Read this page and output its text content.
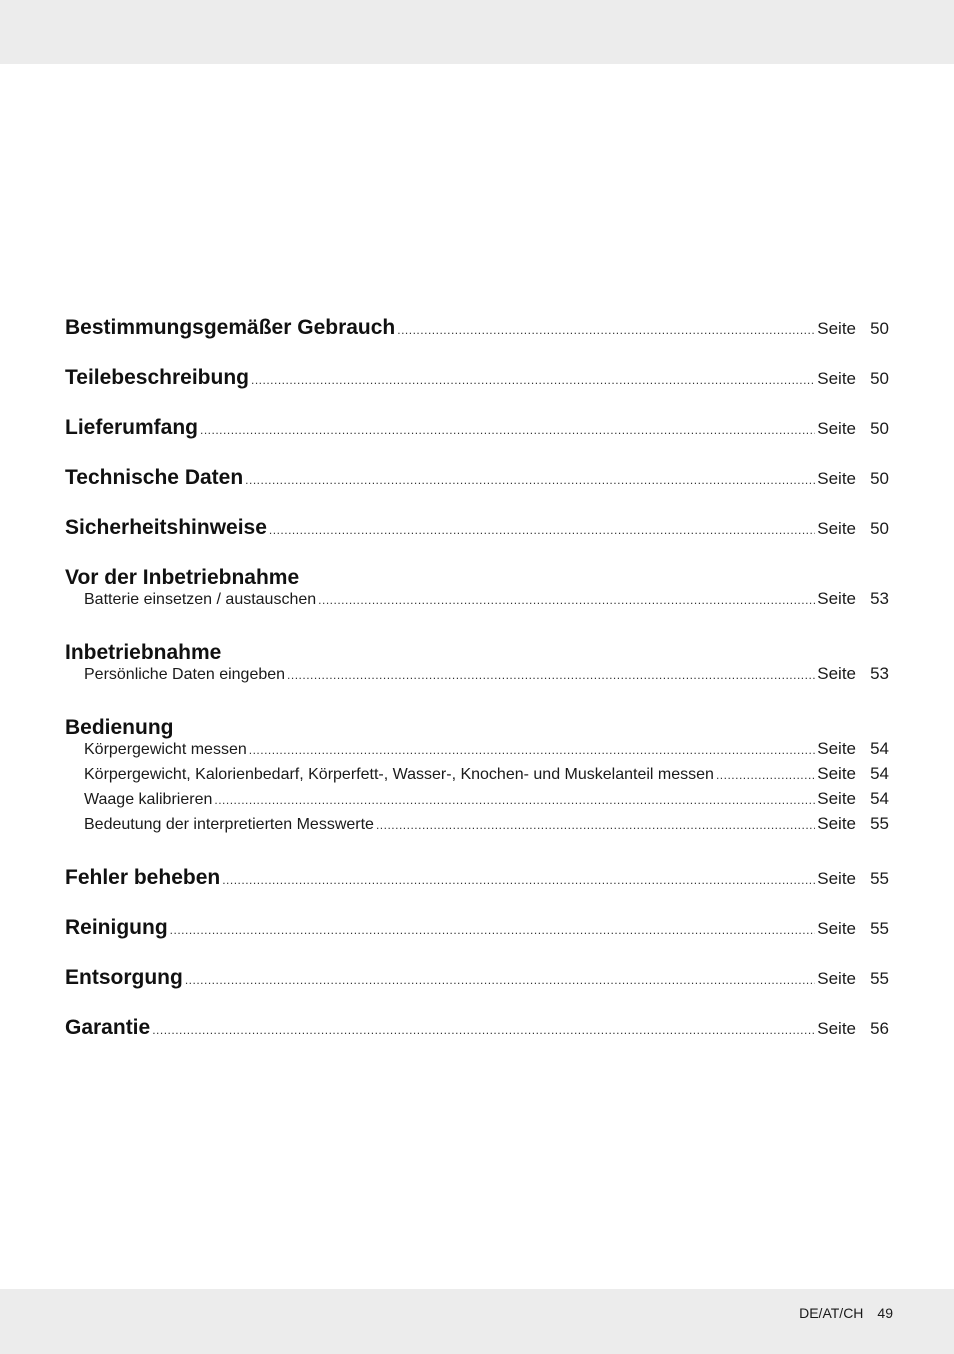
Bestimmungsgemäßer Gebrauch .....	Seite 50
Teilebeschreibung .....	Seite 50
Lieferumfang .....	Seite 50
Technische Daten .....	Seite 50
Sicherheitshinweise .....	Seite 50
Vor der Inbetriebnahme
Batterie einsetzen / austauschen .....	Seite 53
Inbetriebnahme
Persönliche Daten eingeben .....	Seite 53
Bedienung
Körpergewicht messen .....	Seite 54
Körpergewicht, Kalorienbedarf, Körperfett-, Wasser-, Knochen- und Muskelanteil messen .....	Seite 54
Waage kalibrieren .....	Seite 54
Bedeutung der interpretierten Messwerte .....	Seite 55
Fehler beheben .....	Seite 55
Reinigung .....	Seite 55
Entsorgung .....	Seite 55
Garantie .....	Seite 56
DE/AT/CH 49
